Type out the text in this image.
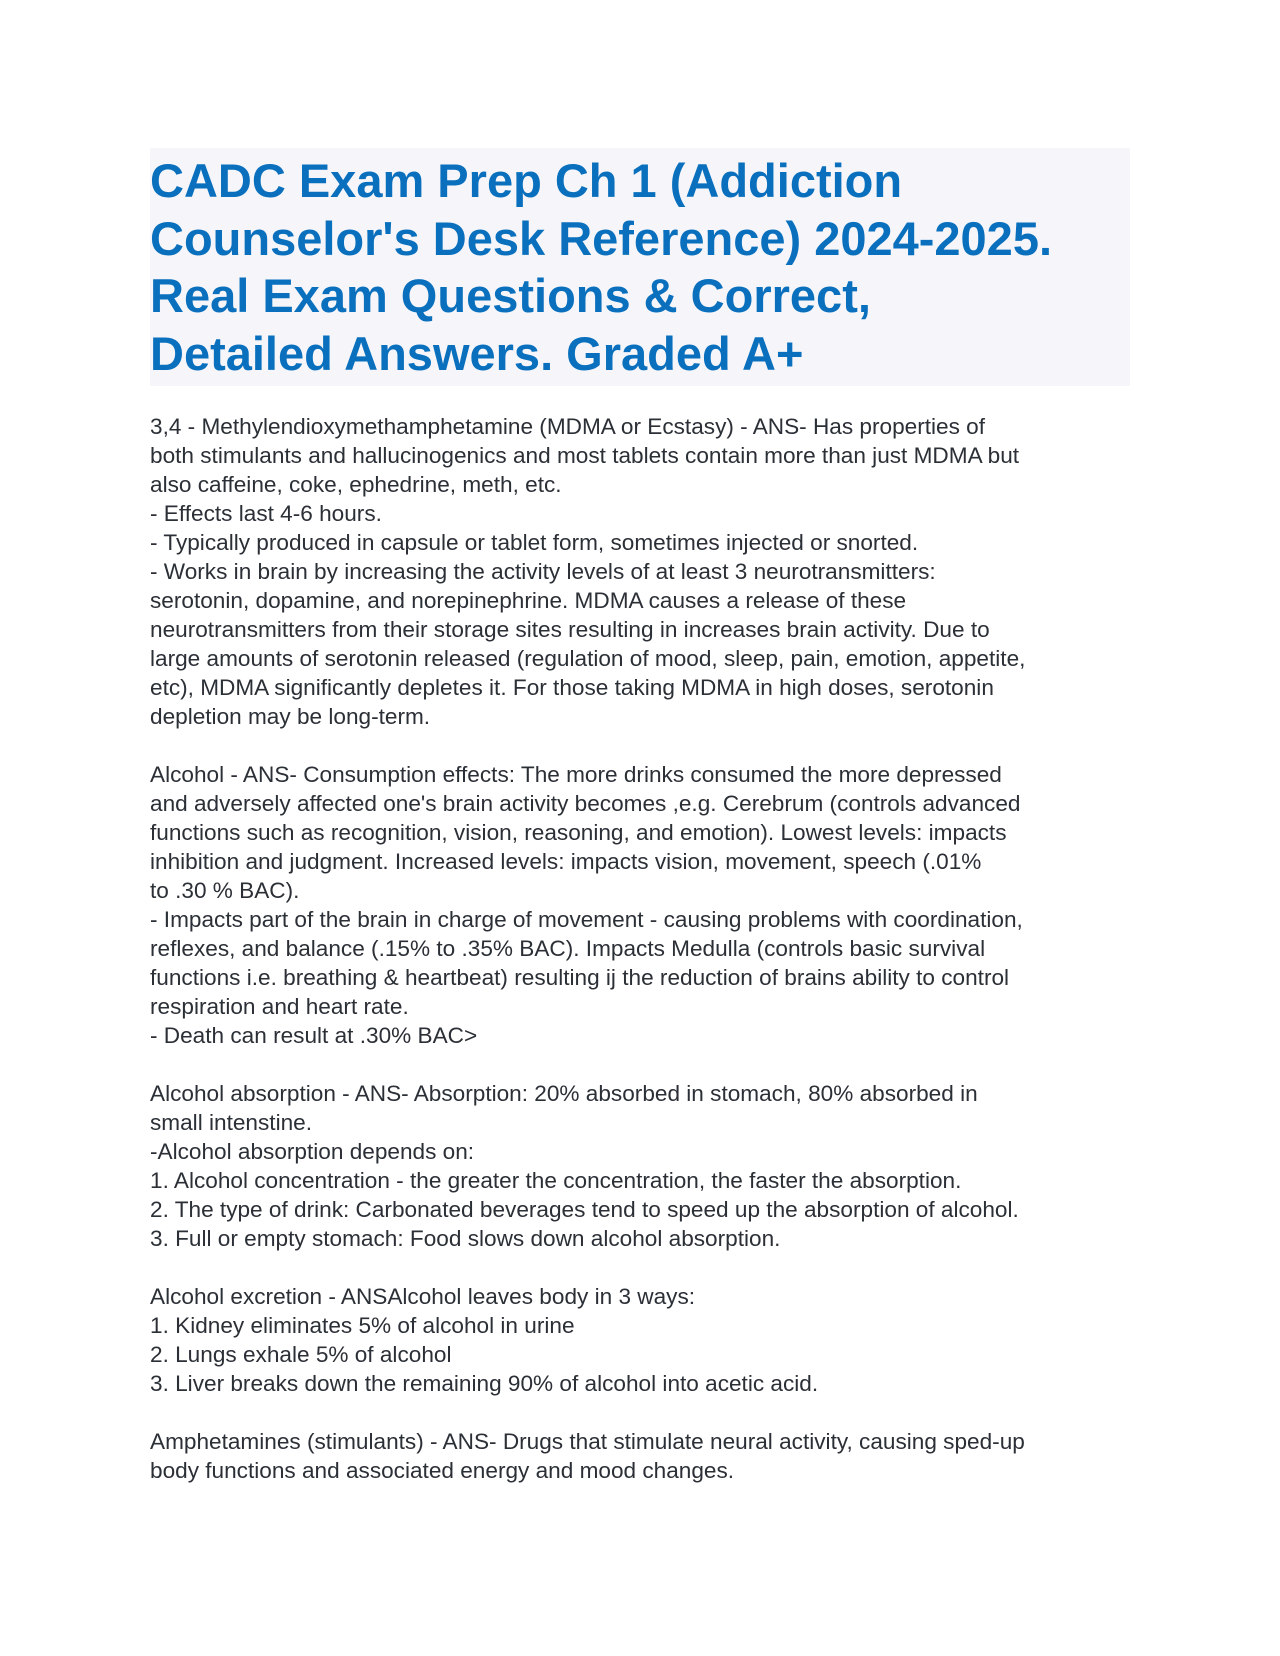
CADC Exam Prep Ch 1 (Addiction
Counselor's Desk Reference) 2024-2025.
Real Exam Questions & Correct,
Detailed Answers. Graded A+
3,4 - Methylendioxymethamphetamine (MDMA or Ecstasy) - ANS- Has properties of
both stimulants and hallucinogenics and most tablets contain more than just MDMA but
also caffeine, coke, ephedrine, meth, etc.
- Effects last 4-6 hours.
- Typically produced in capsule or tablet form, sometimes injected or snorted.
- Works in brain by increasing the activity levels of at least 3 neurotransmitters:
serotonin, dopamine, and norepinephrine. MDMA causes a release of these
neurotransmitters from their storage sites resulting in increases brain activity. Due to
large amounts of serotonin released (regulation of mood, sleep, pain, emotion, appetite,
etc), MDMA significantly depletes it. For those taking MDMA in high doses, serotonin
depletion may be long-term.
Alcohol - ANS- Consumption effects: The more drinks consumed the more depressed
and adversely affected one's brain activity becomes ,e.g. Cerebrum (controls advanced
functions such as recognition, vision, reasoning, and emotion). Lowest levels: impacts
inhibition and judgment. Increased levels: impacts vision, movement, speech (.01%
to .30 % BAC).
- Impacts part of the brain in charge of movement - causing problems with coordination,
reflexes, and balance (.15% to .35% BAC). Impacts Medulla (controls basic survival
functions i.e. breathing & heartbeat) resulting ij the reduction of brains ability to control
respiration and heart rate.
- Death can result at .30% BAC>
Alcohol absorption - ANS- Absorption: 20% absorbed in stomach, 80% absorbed in
small intenstine.
-Alcohol absorption depends on:
1. Alcohol concentration - the greater the concentration, the faster the absorption.
2. The type of drink: Carbonated beverages tend to speed up the absorption of alcohol.
3. Full or empty stomach: Food slows down alcohol absorption.
Alcohol excretion - ANSAlcohol leaves body in 3 ways:
1. Kidney eliminates 5% of alcohol in urine
2. Lungs exhale 5% of alcohol
3. Liver breaks down the remaining 90% of alcohol into acetic acid.
Amphetamines (stimulants) - ANS- Drugs that stimulate neural activity, causing sped-up
body functions and associated energy and mood changes.
